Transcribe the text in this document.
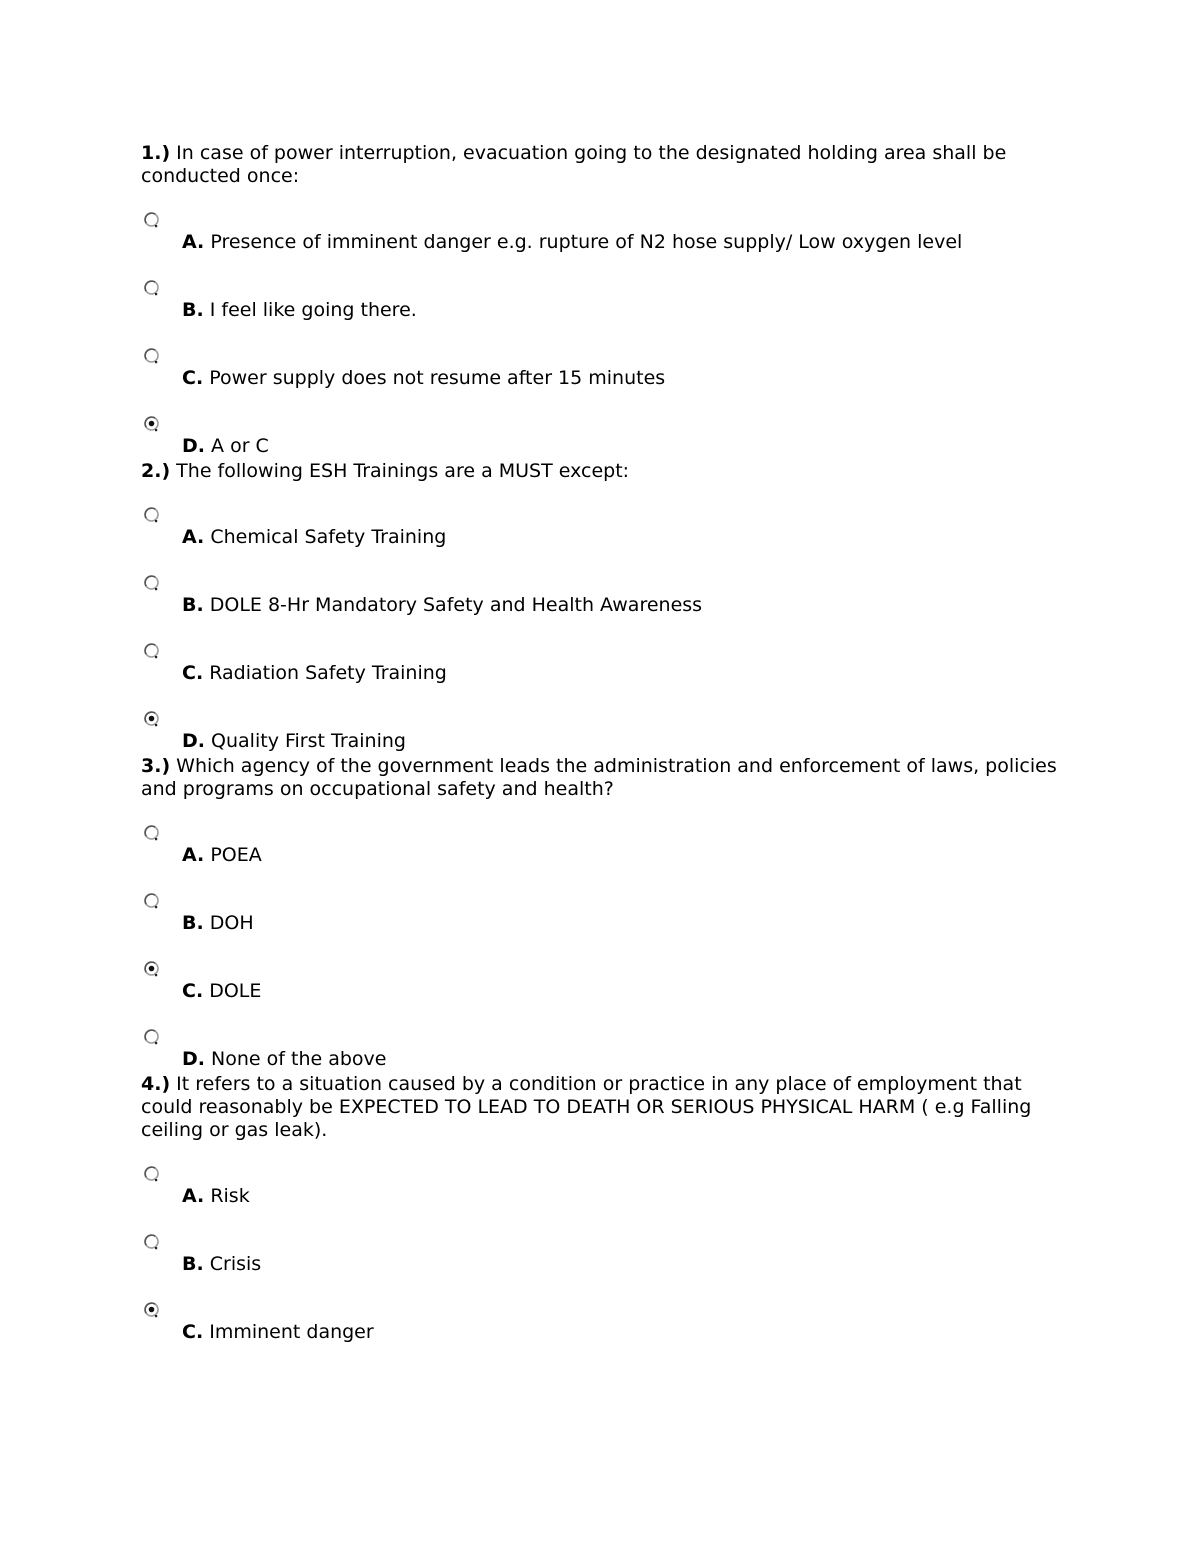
1.) In case of power interruption, evacuation going to the designated holding area shall be conducted once:

A. Presence of imminent danger e.g. rupture of N2 hose supply/ Low oxygen level
B. I feel like going there.
C. Power supply does not resume after 15 minutes
D. A or C

2.) The following ESH Trainings are a MUST except:

A. Chemical Safety Training
B. DOLE 8-Hr Mandatory Safety and Health Awareness
C. Radiation Safety Training
D. Quality First Training

3.) Which agency of the government leads the administration and enforcement of laws, policies and programs on occupational safety and health?

A. POEA
B. DOH
C. DOLE
D. None of the above

4.) It refers to a situation caused by a condition or practice in any place of employment that could reasonably be EXPECTED TO LEAD TO DEATH OR SERIOUS PHYSICAL HARM ( e.g Falling ceiling or gas leak).

A. Risk
B. Crisis
C. Imminent danger
